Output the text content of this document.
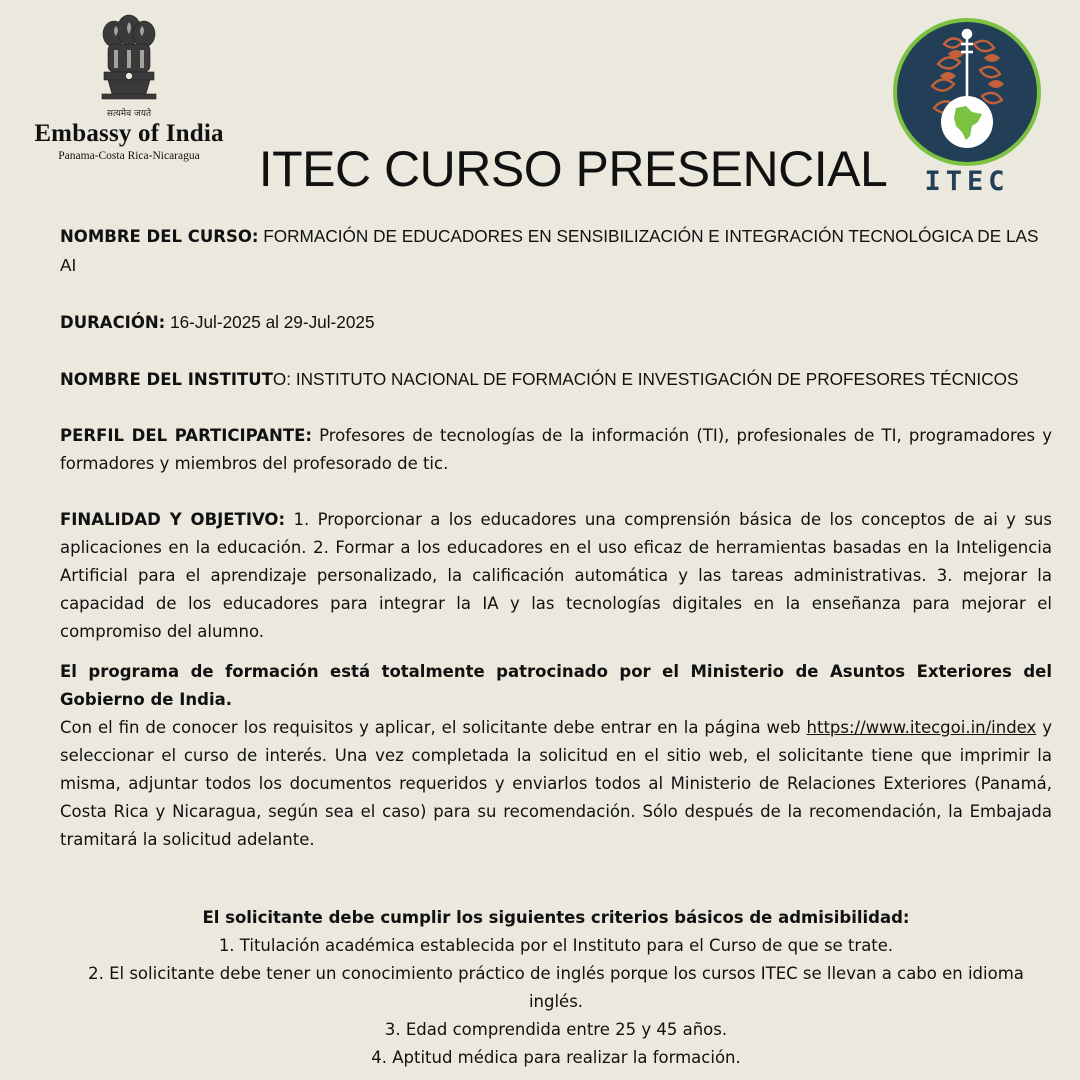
सत्यमेव जयते
Embassy of India
Panama-Costa Rica-Nicaragua
ITEC
ITEC CURSO PRESENCIAL

NOMBRE DEL CURSO: FORMACIÓN DE EDUCADORES EN SENSIBILIZACIÓN E INTEGRACIÓN TECNOLÓGICA DE LAS AI

DURACIÓN: 16-Jul-2025 al 29-Jul-2025

NOMBRE DEL INSTITUTO: INSTITUTO NACIONAL DE FORMACIÓN E INVESTIGACIÓN DE PROFESORES TÉCNICOS

PERFIL DEL PARTICIPANTE: Profesores de tecnologías de la información (TI), profesionales de TI, programadores y formadores y miembros del profesorado de tic.

FINALIDAD Y OBJETIVO: 1. Proporcionar a los educadores una comprensión básica de los conceptos de ai y sus aplicaciones en la educación. 2. Formar a los educadores en el uso eficaz de herramientas basadas en la Inteligencia Artificial para el aprendizaje personalizado, la calificación automática y las tareas administrativas. 3. mejorar la capacidad de los educadores para integrar la IA y las tecnologías digitales en la enseñanza para mejorar el compromiso del alumno.

El programa de formación está totalmente patrocinado por el Ministerio de Asuntos Exteriores del Gobierno de India.

Con el fin de conocer los requisitos y aplicar, el solicitante debe entrar en la página web https://www.itecgoi.in/index y seleccionar el curso de interés. Una vez completada la solicitud en el sitio web, el solicitante tiene que imprimir la misma, adjuntar todos los documentos requeridos y enviarlos todos al Ministerio de Relaciones Exteriores (Panamá, Costa Rica y Nicaragua, según sea el caso) para su recomendación. Sólo después de la recomendación, la Embajada tramitará la solicitud adelante.

El solicitante debe cumplir los siguientes criterios básicos de admisibilidad:

1. Titulación académica establecida por el Instituto para el Curso de que se trate.

2. El solicitante debe tener un conocimiento práctico de inglés porque los cursos ITEC se llevan a cabo en idioma inglés.

3. Edad comprendida entre 25 y 45 años.

4. Aptitud médica para realizar la formación.
